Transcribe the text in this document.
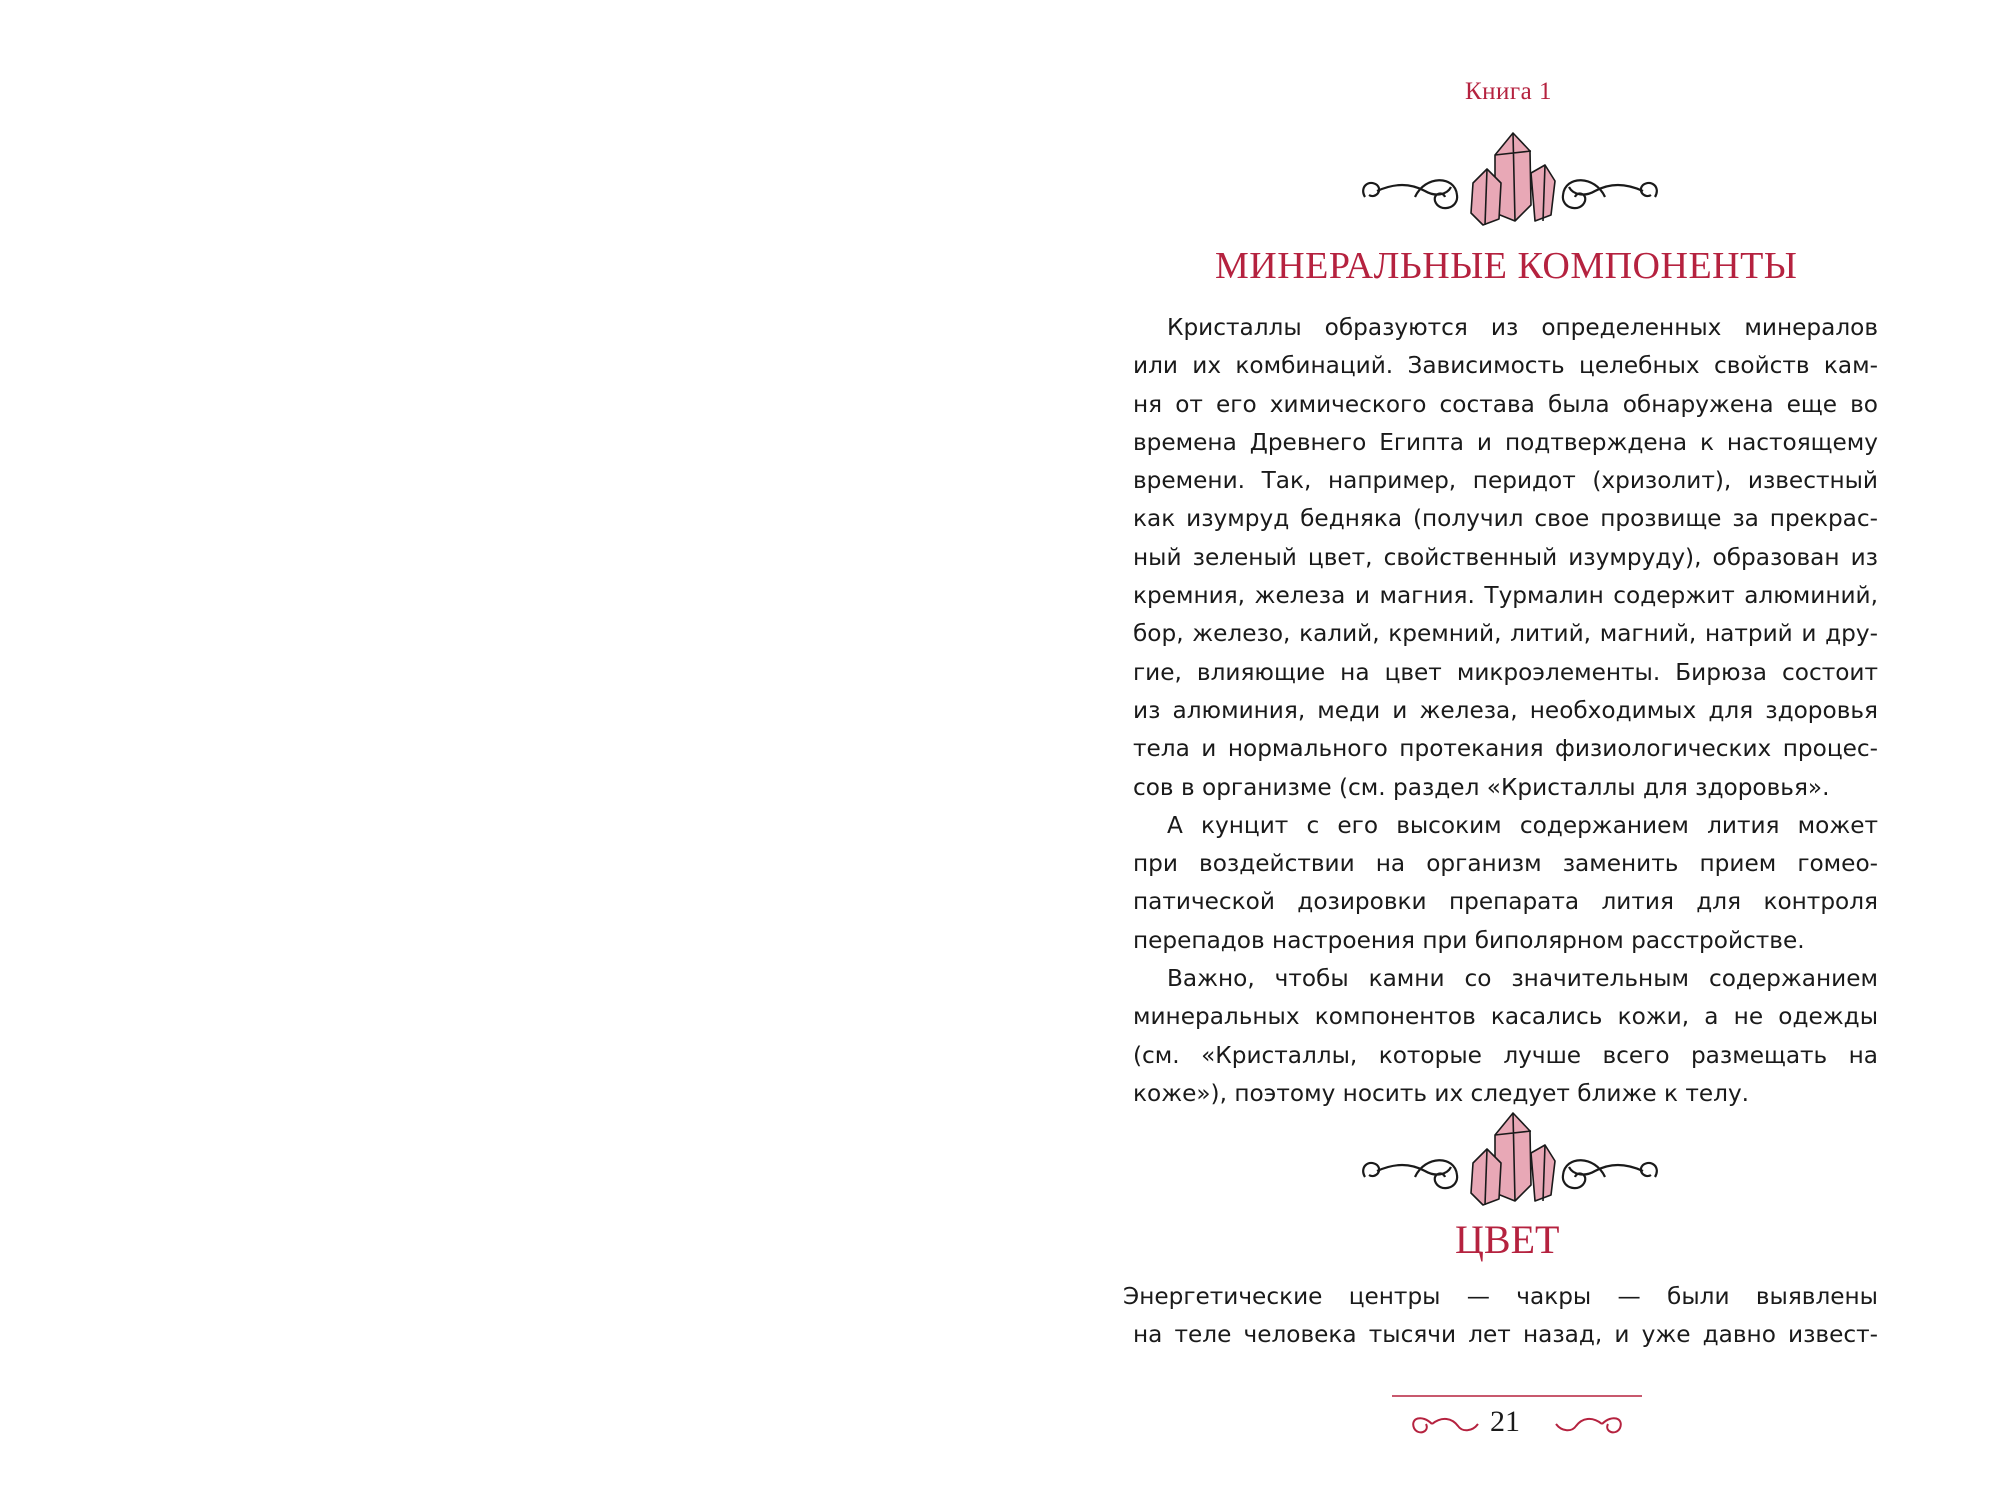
Книга 1
МИНЕРАЛЬНЫЕ КОМПОНЕНТЫ
Кристаллы образуются из определенных минералов
или их комбинаций. Зависимость целебных свойств кам-
ня от его химического состава была обнаружена еще во
времена Древнего Египта и подтверждена к настоящему
времени. Так, например, перидот (хризолит), известный
как изумруд бедняка (получил свое прозвище за прекрас-
ный зеленый цвет, свойственный изумруду), образован из
кремния, железа и магния. Турмалин содержит алюминий,
бор, железо, калий, кремний, литий, магний, натрий и дру-
гие, влияющие на цвет микроэлементы. Бирюза состоит
из алюминия, меди и железа, необходимых для здоровья
тела и нормального протекания физиологических процес-
сов в организме (см. раздел «Кристаллы для здоровья».
А кунцит с его высоким содержанием лития может
при воздействии на организм заменить прием гомео-
патической дозировки препарата лития для контроля
перепадов настроения при биполярном расстройстве.
Важно, чтобы камни со значительным содержанием
минеральных компонентов касались кожи, а не одежды
(см. «Кристаллы, которые лучше всего размещать на
коже»), поэтому носить их следует ближе к телу.
ЦВЕТ
Энергетические центры — чакры — были выявлены
на теле человека тысячи лет назад, и уже давно извест-
21
